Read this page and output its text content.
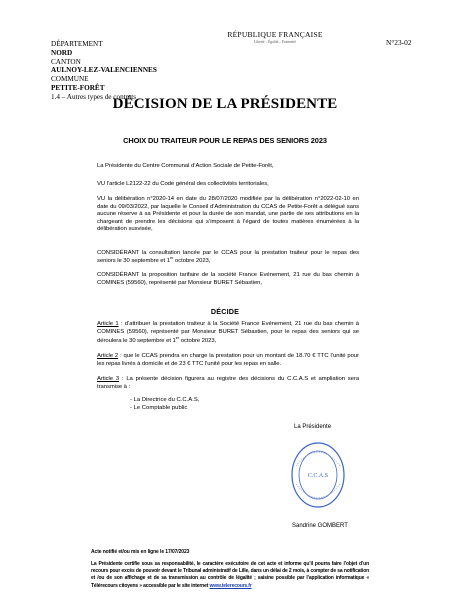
DÉPARTEMENT
NORD
CANTON
AULNOY-LEZ-VALENCIENNES
COMMUNE
PETITE-FORÊT
1.4 – Autres types de contrats
RÉPUBLIQUE FRANÇAISE
Liberté – Égalité – Fraternité	N°23-02
DÉCISION DE LA PRÉSIDENTE
CHOIX DU TRAITEUR POUR LE REPAS DES SENIORS 2023
La Présidente du Centre Communal d’Action Sociale de Petite-Forêt,
VU l’article L2122-22 du Code général des collectivités territoriales,
VU la délibération n°2020-14 en date du 28/07/2020 modifiée par la délibération n°2022-02-10 en date du 09/03/2022, par laquelle le Conseil d’Administration du CCAS de Petite-Forêt a délégué sans aucune réserve à sa Présidente et pour la durée de son mandat, une partie de ses attributions en la chargeant de prendre les décisions qui s’imposent à l’égard de toutes matières énumérées à la délibération susvisée,
CONSIDÉRANT la consultation lancée par le CCAS pour la prestation traiteur pour le repas des seniors le 30 septembre et 1er octobre 2023,
CONSIDÉRANT la proposition tarifaire de la société France Evénement, 21 rue du bas chemin à COMINES (59560), représenté par Monsieur BURET Sébastien,
DÉCIDE
Article 1 : d’attribuer la prestation traiteur à la Société France Evénement, 21 rue du bas chemin à COMINES (59560), représenté par Monsieur BURET Sébastien, pour le repas des seniors qui se déroulera le 30 septembre et 1er octobre 2023,
Article 2 : que le CCAS prendra en charge la prestation pour un montant de 18.70 € TTC l’unité pour les repas livrés à domicile et de 23 € TTC l’unité pour les repas en salle.
Article 3 : La présente décision figurera au registre des décisions du C.C.A.S et ampliation sera transmise à :
- La Directrice du C.C.A.S,
- Le Comptable public
La Présidente
C.C.A.S
Sandrine GOMBERT
Acte notifié et/ou mis en ligne le 17/07/2023
La Présidente certifie sous sa responsabilité, le caractère exécutoire de cet acte et informe qu’il pourra faire l’objet d’un recours pour excès de pouvoir devant le Tribunal administratif de Lille, dans un délai de 2 mois, à compter de sa notification et /ou de son affichage et de sa transmission au contrôle de légalité ; saisine possible par l’application informatique « Télérecours citoyens » accessible par le site internet www.telerecours.fr
